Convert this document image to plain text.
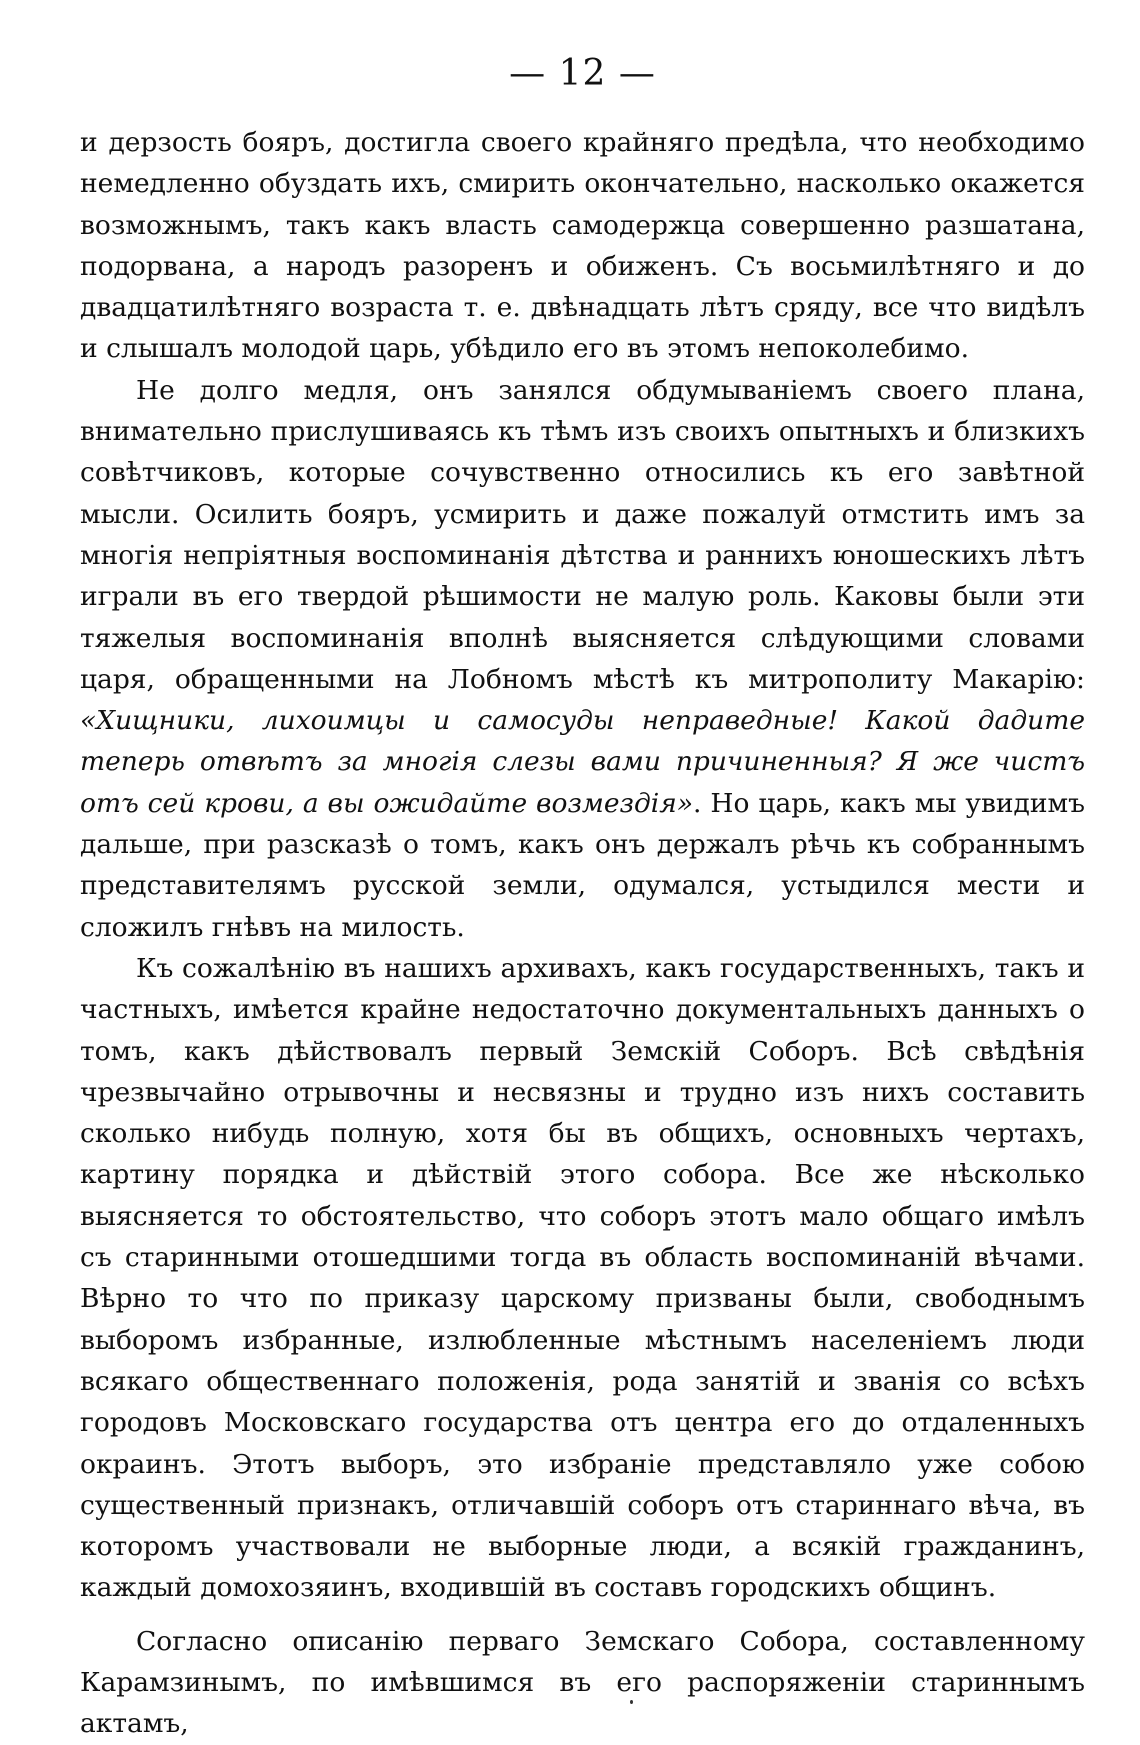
— 12 —

и дерзость бояръ, достигла своего крайняго предѣла, что необходимо немедленно обуздать ихъ, смирить окончательно, насколько окажется возможнымъ, такъ какъ власть самодержца совершенно разшатана, подорвана, а народъ разоренъ и обиженъ. Съ восьмилѣтняго и до двадцатилѣтняго возраста т. е. двѣнадцать лѣтъ сряду, все что видѣлъ и слышалъ молодой царь, убѣдило его въ этомъ непоколебимо.

Не долго медля, онъ занялся обдумываніемъ своего плана, внимательно прислушиваясь къ тѣмъ изъ своихъ опытныхъ и близкихъ совѣтчиковъ, которые сочувственно относились къ его завѣтной мысли. Осилить бояръ, усмирить и даже пожалуй отмстить имъ за многія непріятныя воспоминанія дѣтства и раннихъ юношескихъ лѣтъ играли въ его твердой рѣшимости не малую роль. Каковы были эти тяжелыя воспоминанія вполнѣ выясняется слѣдующими словами царя, обращенными на Лобномъ мѣстѣ къ митрополиту Макарію: «Хищники, лихоимцы и самосуды неправедные! Какой дадите теперь отвѣтъ за многія слезы вами причиненныя? Я же чистъ отъ сей крови, а вы ожидайте возмездія». Но царь, какъ мы увидимъ дальше, при разсказѣ о томъ, какъ онъ держалъ рѣчь къ собраннымъ представителямъ русской земли, одумался, устыдился мести и сложилъ гнѣвъ на милость.

Къ сожалѣнію въ нашихъ архивахъ, какъ государственныхъ, такъ и частныхъ, имѣется крайне недостаточно документальныхъ данныхъ о томъ, какъ дѣйствовалъ первый Земскій Соборъ. Всѣ свѣдѣнія чрезвычайно отрывочны и несвязны и трудно изъ нихъ составить сколько нибудь полную, хотя бы въ общихъ, основныхъ чертахъ, картину порядка и дѣйствій этого собора. Все же нѣсколько выясняется то обстоятельство, что соборъ этотъ мало общаго имѣлъ съ старинными отошедшими тогда въ область воспоминаній вѣчами. Вѣрно то что по приказу царскому призваны были, свободнымъ выборомъ избранные, излюбленные мѣстнымъ населеніемъ люди всякаго общественнаго положенія, рода занятій и званія со всѣхъ городовъ Московскаго государства отъ центра его до отдаленныхъ окраинъ. Этотъ выборъ, это избраніе представляло уже собою существенный признакъ, отличавшій соборъ отъ стариннаго вѣча, въ которомъ участвовали не выборные люди, а всякій гражданинъ, каждый домохозяинъ, входившій въ составъ городскихъ общинъ.

Согласно описанію перваго Земскаго Собора, составленному Карамзинымъ, по имѣвшимся въ его распоряженіи стариннымъ актамъ,
